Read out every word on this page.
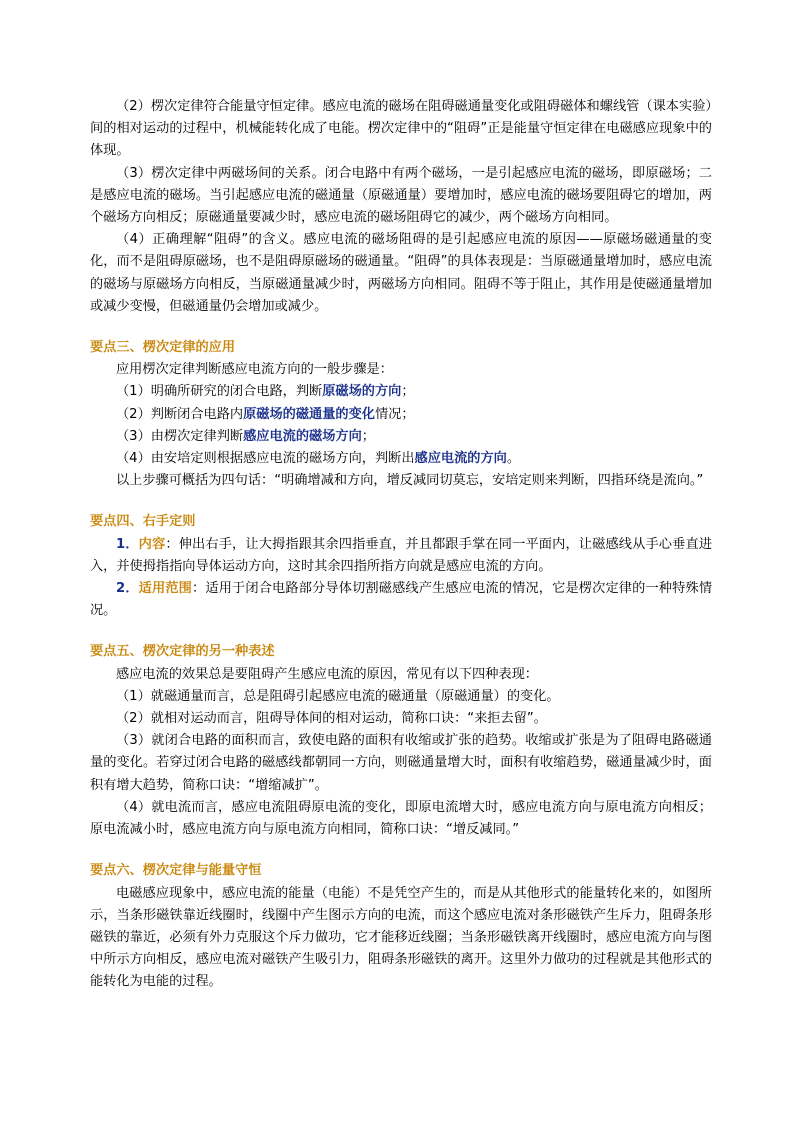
（2）楞次定律符合能量守恒定律。感应电流的磁场在阻碍磁通量变化或阻碍磁体和螺线管（课本实验）间的相对运动的过程中，机械能转化成了电能。楞次定律中的“阻碍”正是能量守恒定律在电磁感应现象中的体现。

（3）楞次定律中两磁场间的关系。闭合电路中有两个磁场，一是引起感应电流的磁场，即原磁场；二是感应电流的磁场。当引起感应电流的磁通量（原磁通量）要增加时，感应电流的磁场要阻碍它的增加，两个磁场方向相反；原磁通量要减少时，感应电流的磁场阻碍它的减少，两个磁场方向相同。

（4）正确理解“阻碍”的含义。感应电流的磁场阻碍的是引起感应电流的原因——原磁场磁通量的变化，而不是阻碍原磁场，也不是阻碍原磁场的磁通量。“阻碍”的具体表现是：当原磁通量增加时，感应电流的磁场与原磁场方向相反，当原磁通量减少时，两磁场方向相同。阻碍不等于阻止，其作用是使磁通量增加或减少变慢，但磁通量仍会增加或减少。

要点三、楞次定律的应用

应用楞次定律判断感应电流方向的一般步骤是：

（1）明确所研究的闭合电路，判断原磁场的方向；

（2）判断闭合电路内原磁场的磁通量的变化情况；

（3）由楞次定律判断感应电流的磁场方向；

（4）由安培定则根据感应电流的磁场方向，判断出感应电流的方向。

以上步骤可概括为四句话：“明确增减和方向，增反减同切莫忘，安培定则来判断，四指环绕是流向。”

要点四、右手定则

1．内容：伸出右手，让大拇指跟其余四指垂直，并且都跟手掌在同一平面内，让磁感线从手心垂直进入，并使拇指指向导体运动方向，这时其余四指所指方向就是感应电流的方向。

2．适用范围：适用于闭合电路部分导体切割磁感线产生感应电流的情况，它是楞次定律的一种特殊情况。

要点五、楞次定律的另一种表述

感应电流的效果总是要阻碍产生感应电流的原因，常见有以下四种表现：

（1）就磁通量而言，总是阻碍引起感应电流的磁通量（原磁通量）的变化。

（2）就相对运动而言，阻碍导体间的相对运动，简称口诀：“来拒去留”。

（3）就闭合电路的面积而言，致使电路的面积有收缩或扩张的趋势。收缩或扩张是为了阻碍电路磁通量的变化。若穿过闭合电路的磁感线都朝同一方向，则磁通量增大时，面积有收缩趋势，磁通量减少时，面积有增大趋势，简称口诀：“增缩减扩”。

（4）就电流而言，感应电流阻碍原电流的变化，即原电流增大时，感应电流方向与原电流方向相反；原电流减小时，感应电流方向与原电流方向相同，简称口诀：“增反减同。”

要点六、楞次定律与能量守恒

电磁感应现象中，感应电流的能量（电能）不是凭空产生的，而是从其他形式的能量转化来的，如图所示，当条形磁铁靠近线圈时，线圈中产生图示方向的电流，而这个感应电流对条形磁铁产生斥力，阻碍条形磁铁的靠近，必须有外力克服这个斥力做功，它才能移近线圈；当条形磁铁离开线圈时，感应电流方向与图中所示方向相反，感应电流对磁铁产生吸引力，阻碍条形磁铁的离开。这里外力做功的过程就是其他形式的能转化为电能的过程。
